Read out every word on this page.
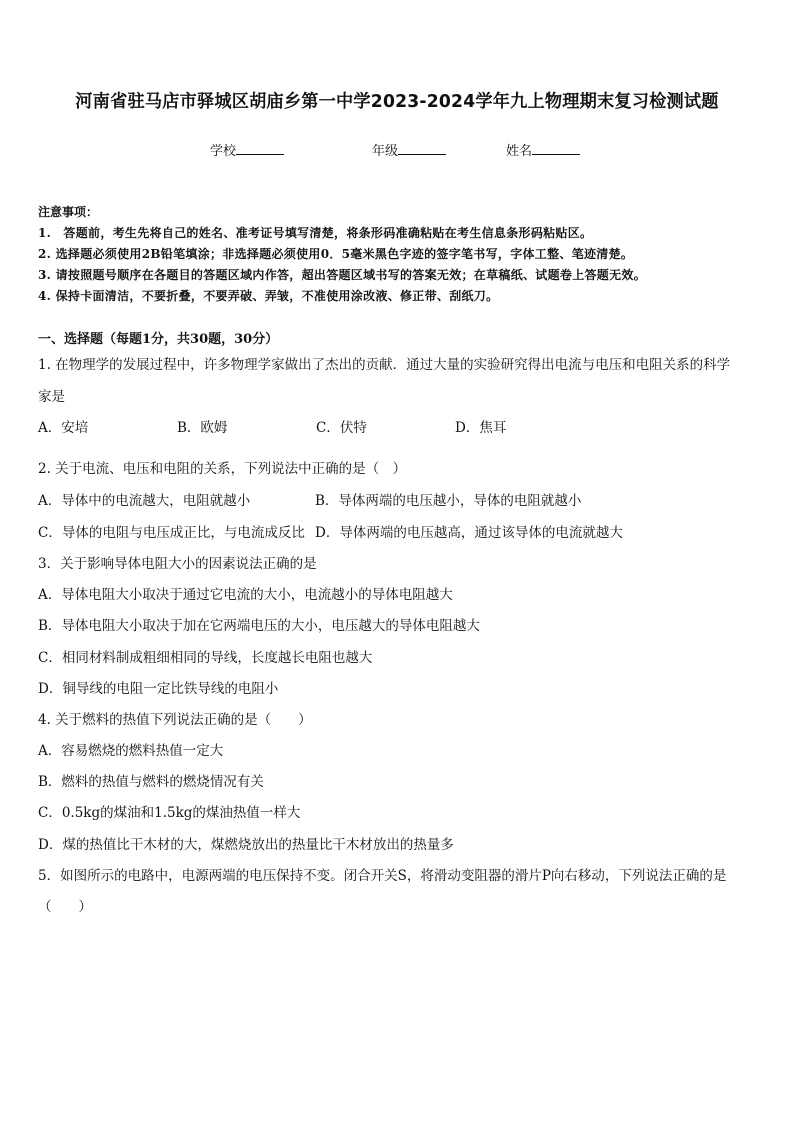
河南省驻马店市驿城区胡庙乡第一中学2023-2024学年九上物理期末复习检测试题
学校	年级	姓名
注意事项：
1.　答题前，考生先将自己的姓名、准考证号填写清楚，将条形码准确粘贴在考生信息条形码粘贴区。
2. 选择题必须使用2B铅笔填涂；非选择题必须使用0．5毫米黑色字迹的签字笔书写，字体工整、笔迹清楚。
3. 请按照题号顺序在各题目的答题区域内作答，超出答题区域书写的答案无效；在草稿纸、试题卷上答题无效。
4. 保持卡面清洁，不要折叠，不要弄破、弄皱，不准使用涂改液、修正带、刮纸刀。
一、选择题（每题1分，共30题，30分）
1. 在物理学的发展过程中，许多物理学家做出了杰出的贡献．通过大量的实验研究得出电流与电压和电阻关系的科学
家是
A．安培	B．欧姆	C．伏特	D．焦耳
2. 关于电流、电压和电阻的关系，下列说法中正确的是（　）
A．导体中的电流越大，电阻就越小	B．导体两端的电压越小，导体的电阻就越小
C．导体的电阻与电压成正比，与电流成反比 D．导体两端的电压越高，通过该导体的电流就越大
3．关于影响导体电阻大小的因素说法正确的是
A．导体电阻大小取决于通过它电流的大小，电流越小的导体电阻越大
B．导体电阻大小取决于加在它两端电压的大小，电压越大的导体电阻越大
C．相同材料制成粗细相同的导线，长度越长电阻也越大
D．铜导线的电阻一定比铁导线的电阻小
4. 关于燃料的热值下列说法正确的是（　　）
A．容易燃烧的燃料热值一定大
B．燃料的热值与燃料的燃烧情况有关
C．0.5kg的煤油和1.5kg的煤油热值一样大
D．煤的热值比干木材的大，煤燃烧放出的热量比干木材放出的热量多
5．如图所示的电路中，电源两端的电压保持不变。闭合开关S，将滑动变阻器的滑片P向右移动，下列说法正确的是
（　　）
